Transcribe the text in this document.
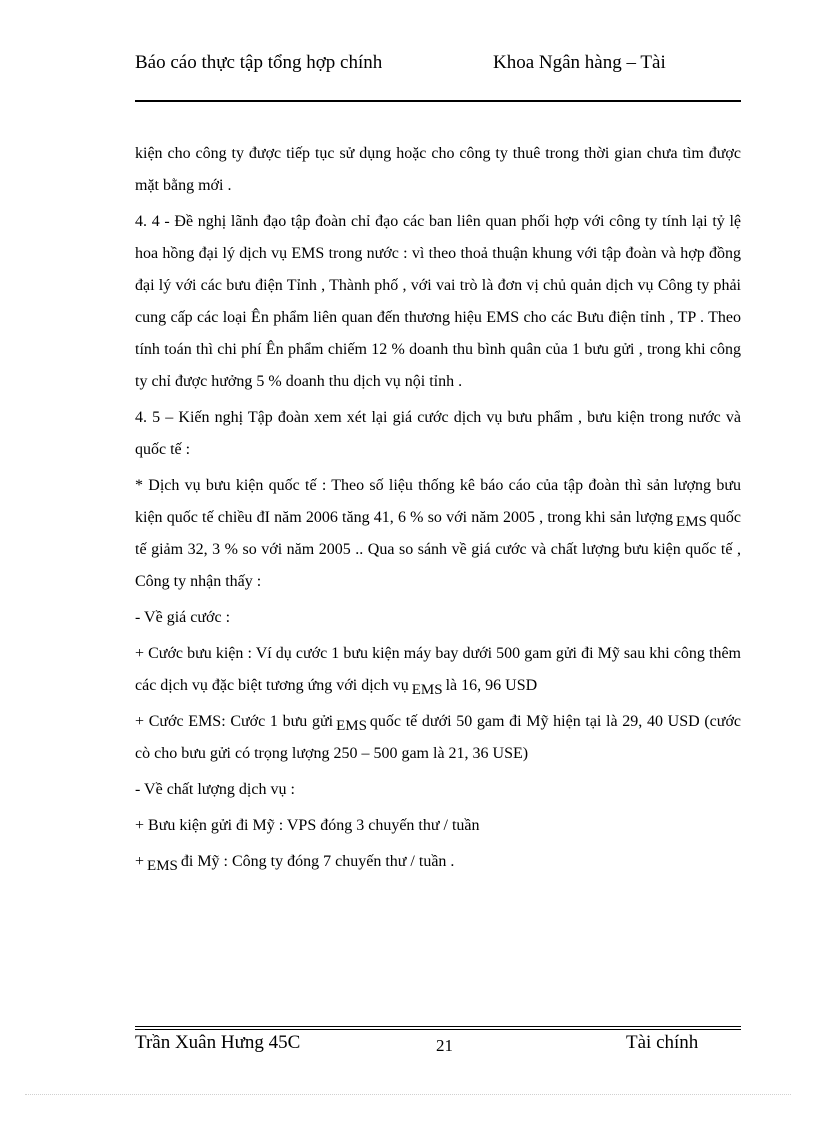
Báo cáo thực tập tổng hợp chính	Khoa Ngân hàng – Tài

kiện cho công ty được tiếp tục sử dụng hoặc cho công ty thuê trong thời gian chưa tìm được mặt bằng mới .

4. 4 - Đề nghị lãnh đạo tập đoàn chỉ đạo các ban liên quan phối hợp với công ty tính lại tỷ lệ hoa hồng đại lý dịch vụ EMS trong nước : vì theo thoả thuận khung với tập đoàn và hợp đồng đại lý với các bưu điện Tỉnh , Thành phố , với vai trò là đơn vị chủ quản dịch vụ Công ty phải cung cấp các loại Ên phẩm liên quan đến thương hiệu EMS cho các Bưu điện tỉnh , TP . Theo tính toán thì chi phí Ên phẩm chiếm 12 % doanh thu bình quân của 1 bưu gửi , trong khi công ty chỉ được hưởng 5 % doanh thu dịch vụ nội tỉnh .

4. 5 – Kiến nghị Tập đoàn xem xét lại giá cước dịch vụ bưu phẩm , bưu kiện trong nước và quốc tế :

* Dịch vụ bưu kiện quốc tế : Theo số liệu thống kê báo cáo của tập đoàn thì sản lượng bưu kiện quốc tế chiều đI năm 2006 tăng 41, 6 % so với năm 2005 , trong khi sản lượng EMS quốc tế giảm 32, 3 % so với năm 2005 .. Qua so sánh về giá cước và chất lượng bưu kiện quốc tế , Công ty nhận thấy :

- Về giá cước :

+ Cước bưu kiện : Ví dụ cước 1 bưu kiện máy bay dưới 500 gam gửi đi Mỹ sau khi công thêm các dịch vụ đặc biệt tương ứng với dịch vụ EMS là 16, 96 USD

+ Cước EMS: Cước 1 bưu gửi EMS quốc tế dưới 50 gam đi Mỹ hiện tại là 29, 40 USD (cước cò cho bưu gửi có trọng lượng 250 – 500 gam là 21, 36 USE)

- Về chất lượng dịch vụ :

+ Bưu kiện gửi đi Mỹ : VPS đóng 3 chuyến thư / tuần

+ EMS đi Mỹ : Công ty đóng 7 chuyến thư / tuần .

Trần Xuân Hưng 45C	21	Tài chính
